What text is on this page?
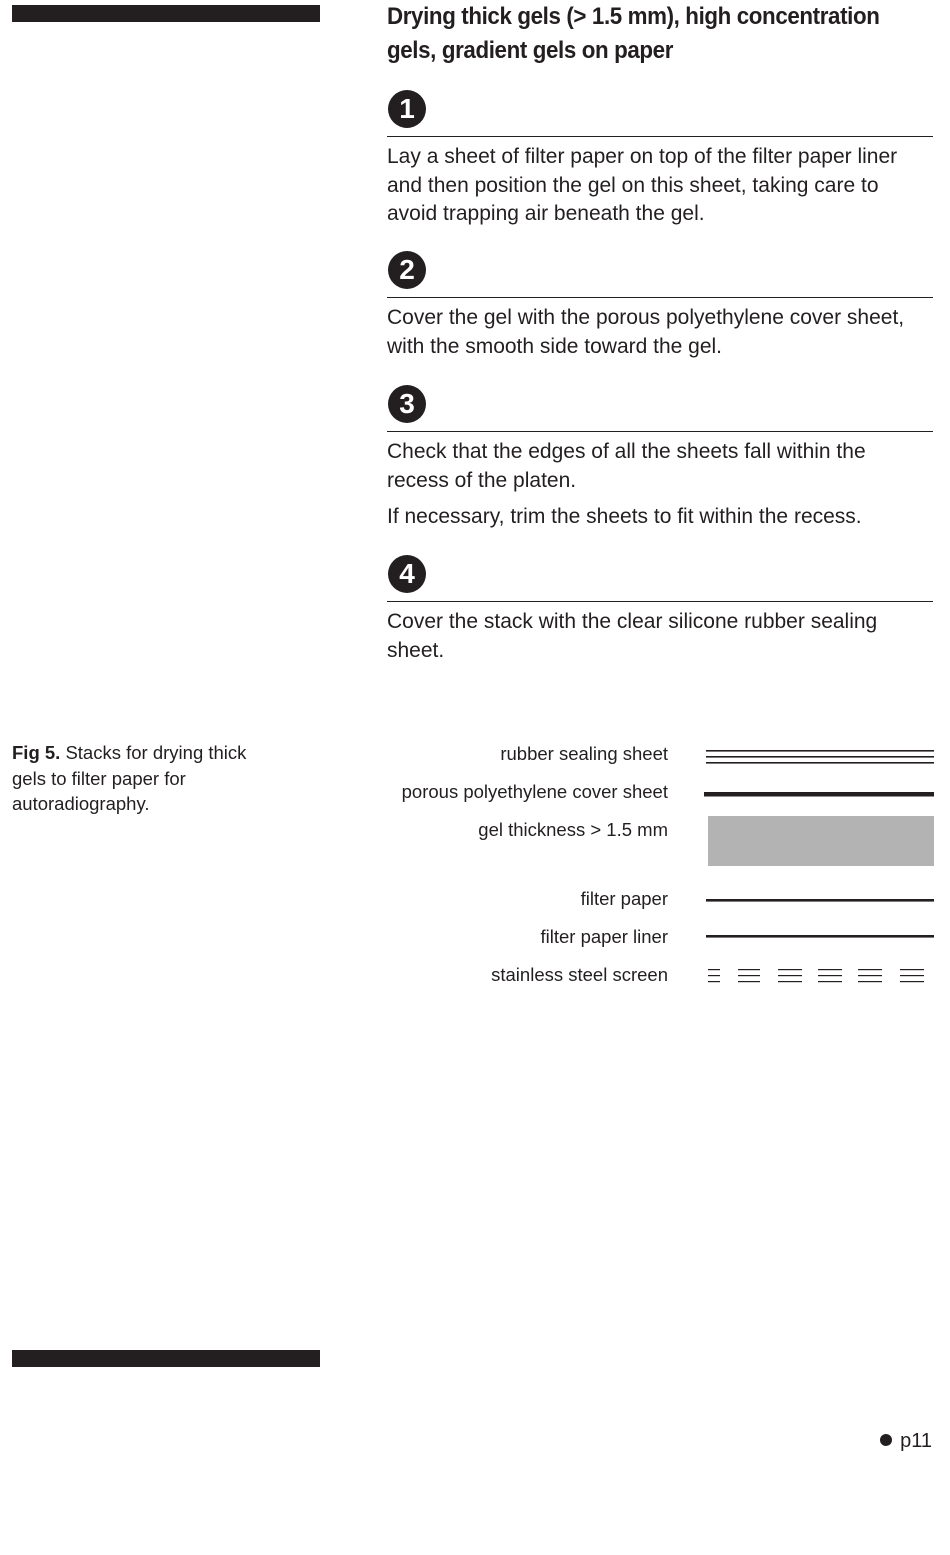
Drying thick gels (> 1.5 mm), high concentration gels, gradient gels on paper
1

Lay a sheet of filter paper on top of the filter paper liner and then position the gel on this sheet, taking care to avoid trapping air beneath the gel.

2

Cover the gel with the porous polyethylene cover sheet, with the smooth side toward the gel.

3

Check that the edges of all the sheets fall within the recess of the platen.

If necessary, trim the sheets to fit within the recess.

4

Cover the stack with the clear silicone rubber sealing sheet.

Fig 5. Stacks for drying thick gels to filter paper for autoradiography.
rubber sealing sheet
porous polyethylene cover sheet
gel thickness > 1.5 mm
filter paper
filter paper liner
stainless steel screen
p11
